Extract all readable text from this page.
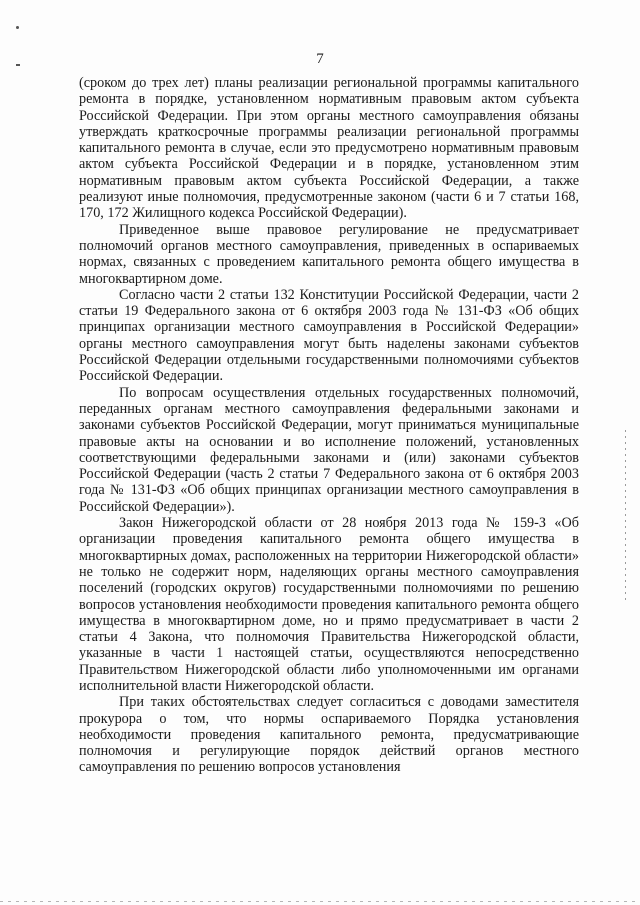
7

(сроком до трех лет) планы реализации региональной программы капитального ремонта в порядке, установленном нормативным правовым актом субъекта Российской Федерации. При этом органы местного самоуправления обязаны утверждать краткосрочные программы реализации региональной программы капитального ремонта в случае, если это предусмотрено нормативным правовым актом субъекта Российской Федерации и в порядке, установленном этим нормативным правовым актом субъекта Российской Федерации, а также реализуют иные полномочия, предусмотренные законом (части 6 и 7 статьи 168, 170, 172 Жилищного кодекса Российской Федерации).

Приведенное выше правовое регулирование не предусматривает полномочий органов местного самоуправления, приведенных в оспариваемых нормах, связанных с проведением капитального ремонта общего имущества в многоквартирном доме.

Согласно части 2 статьи 132 Конституции Российской Федерации, части 2 статьи 19 Федерального закона от 6 октября 2003 года № 131-ФЗ «Об общих принципах организации местного самоуправления в Российской Федерации» органы местного самоуправления могут быть наделены законами субъектов Российской Федерации отдельными государственными полномочиями субъектов Российской Федерации.

По вопросам осуществления отдельных государственных полномочий, переданных органам местного самоуправления федеральными законами и законами субъектов Российской Федерации, могут приниматься муниципальные правовые акты на основании и во исполнение положений, установленных соответствующими федеральными законами и (или) законами субъектов Российской Федерации (часть 2 статьи 7 Федерального закона от 6 октября 2003 года № 131-ФЗ «Об общих принципах организации местного самоуправления в Российской Федерации»).

Закон Нижегородской области от 28 ноября 2013 года № 159-З «Об организации проведения капитального ремонта общего имущества в многоквартирных домах, расположенных на территории Нижегородской области» не только не содержит норм, наделяющих органы местного самоуправления поселений (городских округов) государственными полномочиями по решению вопросов установления необходимости проведения капитального ремонта общего имущества в многоквартирном доме, но и прямо предусматривает в части 2 статьи 4 Закона, что полномочия Правительства Нижегородской области, указанные в части 1 настоящей статьи, осуществляются непосредственно Правительством Нижегородской области либо уполномоченными им органами исполнительной власти Нижегородской области.

При таких обстоятельствах следует согласиться с доводами заместителя прокурора о том, что нормы оспариваемого Порядка установления необходимости проведения капитального ремонта, предусматривающие полномочия и регулирующие порядок действий органов местного самоуправления по решению вопросов установления
